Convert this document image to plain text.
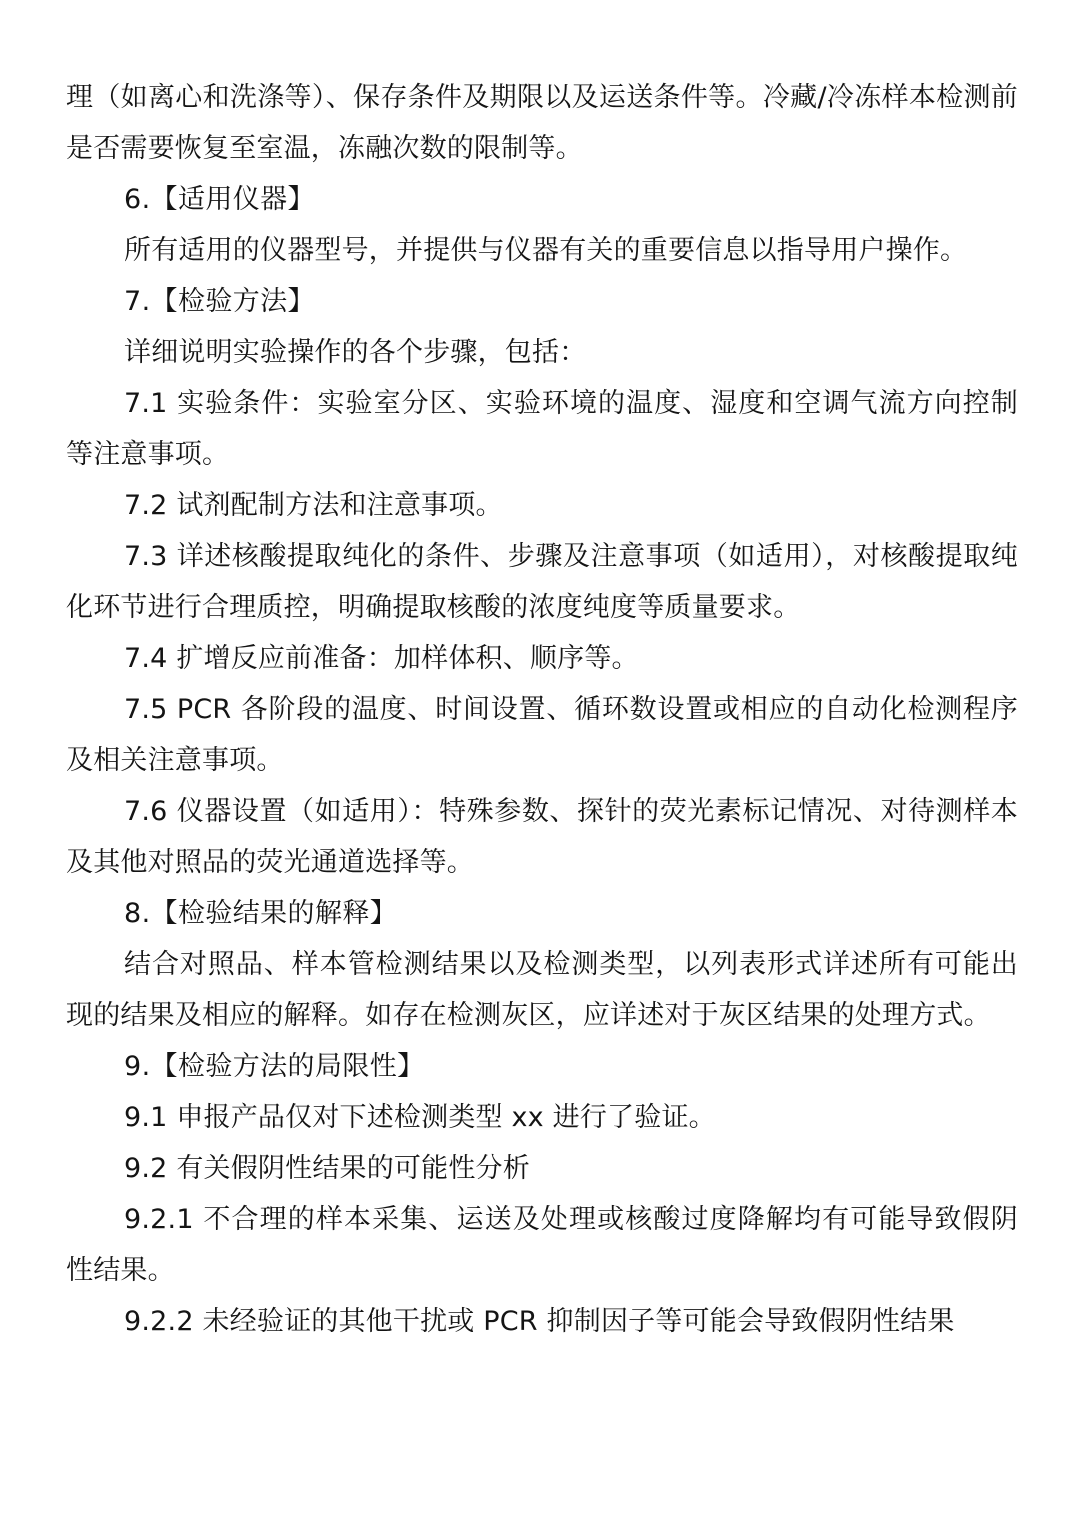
理（如离心和洗涤等）、保存条件及期限以及运送条件等。冷藏/冷冻样本检测前是否需要恢复至室温，冻融次数的限制等。

6.【适用仪器】

所有适用的仪器型号，并提供与仪器有关的重要信息以指导用户操作。

7.【检验方法】

详细说明实验操作的各个步骤，包括：

7.1 实验条件：实验室分区、实验环境的温度、湿度和空调气流方向控制等注意事项。

7.2 试剂配制方法和注意事项。

7.3 详述核酸提取纯化的条件、步骤及注意事项（如适用），对核酸提取纯化环节进行合理质控，明确提取核酸的浓度纯度等质量要求。

7.4 扩增反应前准备：加样体积、顺序等。

7.5 PCR 各阶段的温度、时间设置、循环数设置或相应的自动化检测程序及相关注意事项。

7.6 仪器设置（如适用）：特殊参数、探针的荧光素标记情况、对待测样本及其他对照品的荧光通道选择等。

8.【检验结果的解释】

结合对照品、样本管检测结果以及检测类型，以列表形式详述所有可能出现的结果及相应的解释。如存在检测灰区，应详述对于灰区结果的处理方式。

9.【检验方法的局限性】

9.1 申报产品仅对下述检测类型 xx 进行了验证。

9.2 有关假阴性结果的可能性分析

9.2.1 不合理的样本采集、运送及处理或核酸过度降解均有可能导致假阴性结果。

9.2.2 未经验证的其他干扰或 PCR 抑制因子等可能会导致假阴性结果
